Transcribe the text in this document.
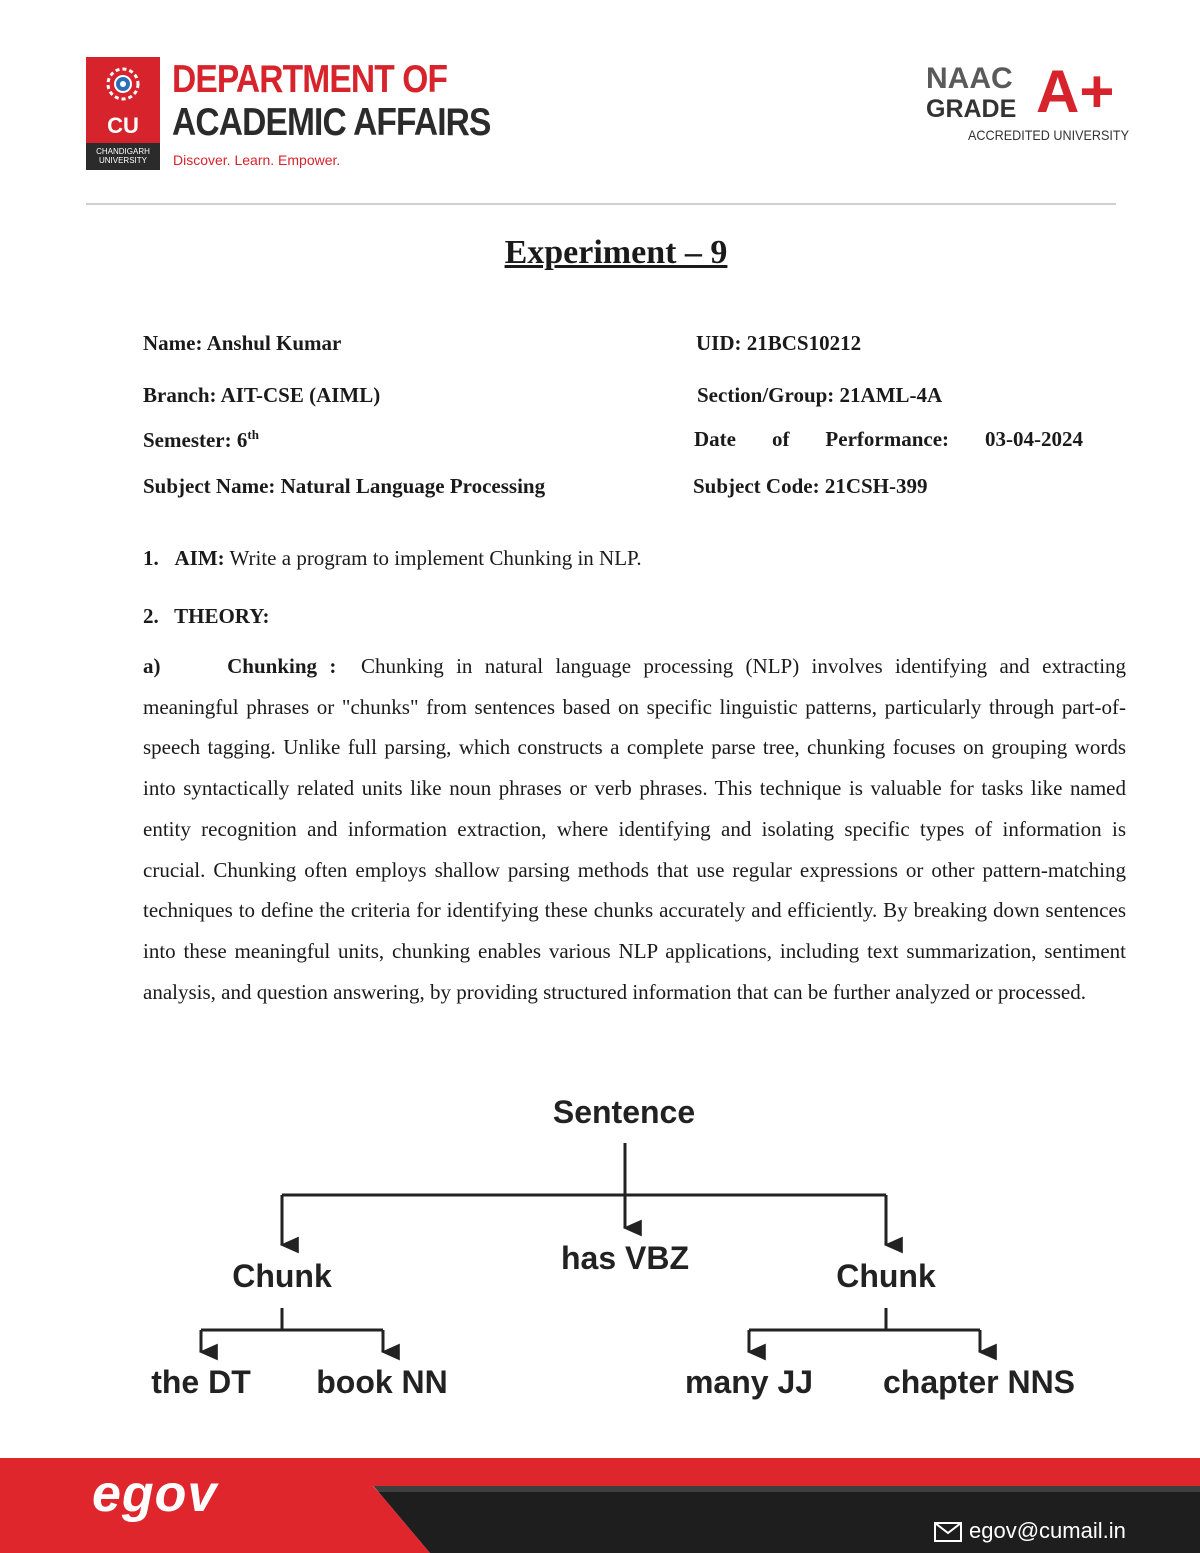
CU
CHANDIGARH UNIVERSITY
DEPARTMENT OF
ACADEMIC AFFAIRS
Discover. Learn. Empower.
NAAC
GRADE A+
ACCREDITED UNIVERSITY
Experiment – 9
Name: Anshul Kumar	UID: 21BCS10212
Branch: AIT-CSE (AIML)	Section/Group: 21AML-4A
Semester: 6th	Date of Performance: 03-04-2024
Subject Name: Natural Language Processing	Subject Code: 21CSH-399
1. AIM: Write a program to implement Chunking in NLP.
2.   THEORY:
a)	Chunking : Chunking in natural language processing (NLP) involves identifying and extracting meaningful phrases or "chunks" from sentences based on specific linguistic patterns, particularly through part-of-speech tagging. Unlike full parsing, which constructs a complete parse tree, chunking focuses on grouping words into syntactically related units like noun phrases or verb phrases. This technique is valuable for tasks like named entity recognition and information extraction, where identifying and isolating specific types of information is crucial. Chunking often employs shallow parsing methods that use regular expressions or other pattern-matching techniques to define the criteria for identifying these chunks accurately and efficiently. By breaking down sentences into these meaningful units, chunking enables various NLP applications, including text summarization, sentiment analysis, and question answering, by providing structured information that can be further analyzed or processed.
Sentence
Chunk	has VBZ	Chunk
the DT book NN	many JJ chapter NNS
egov
egov@cumail.in
